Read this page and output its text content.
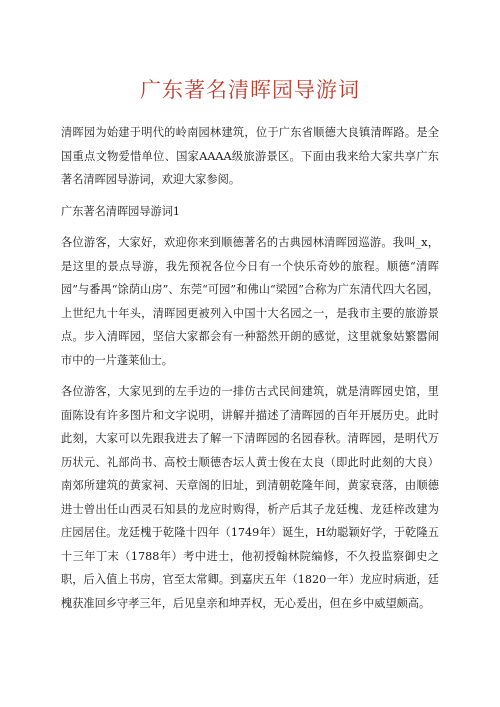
广东著名清晖园导游词

清晖园为始建于明代的岭南园林建筑，位于广东省顺德大良镇清晖路。是全国重点文物爱惜单位、国家AAAA级旅游景区。下面由我来给大家共享广东著名清晖园导游词，欢迎大家参阅。

广东著名清晖园导游词1

各位游客，大家好，欢迎你来到顺德著名的古典园林清晖园巡游。我叫_x，是这里的景点导游，我先预祝各位今日有一个快乐奇妙的旅程。顺德“清晖园”与番禺“馀荫山房”、东莞“可园”和佛山“梁园”合称为广东清代四大名园，上世纪九十年头，清晖园更被列入中国十大名园之一，是我市主要的旅游景点。步入清晖园，坚信大家都会有一种豁然开朗的感觉，这里就象姑繁嚣闹市中的一片蓬莱仙士。

各位游客，大家见到的左手边的一排仿古式民间建筑，就是清晖园史馆，里面陈设有许多图片和文字说明，讲解并描述了清晖园的百年开展历史。此时此刻，大家可以先跟我进去了解一下清晖园的名园春秋。清晖园，是明代万历状元、礼部尚书、高校士顺德杏坛人黄士俊在太良（即此时此刻的大良）南郊所建筑的黄家祠、天章阁的旧址，到清朝乾隆年间，黄家衰落，由顺德进士曾出任山西灵石知县的龙应时购得，析产后其子龙廷槐、龙廷梓改建为庄园居住。龙廷槐于乾隆十四年（1749年）诞生，H幼聪颖好学，于乾隆五十三年丁末（1788年）考中进士，他初授翰林院编修，不久投监察御史之职，后入值上书房，官至太常卿。到嘉庆五年（1820一年）龙应时病逝，廷槐获准回乡守孝三年，后见皇亲和坤弄权，无心爰出，但在乡中威望颇高。
